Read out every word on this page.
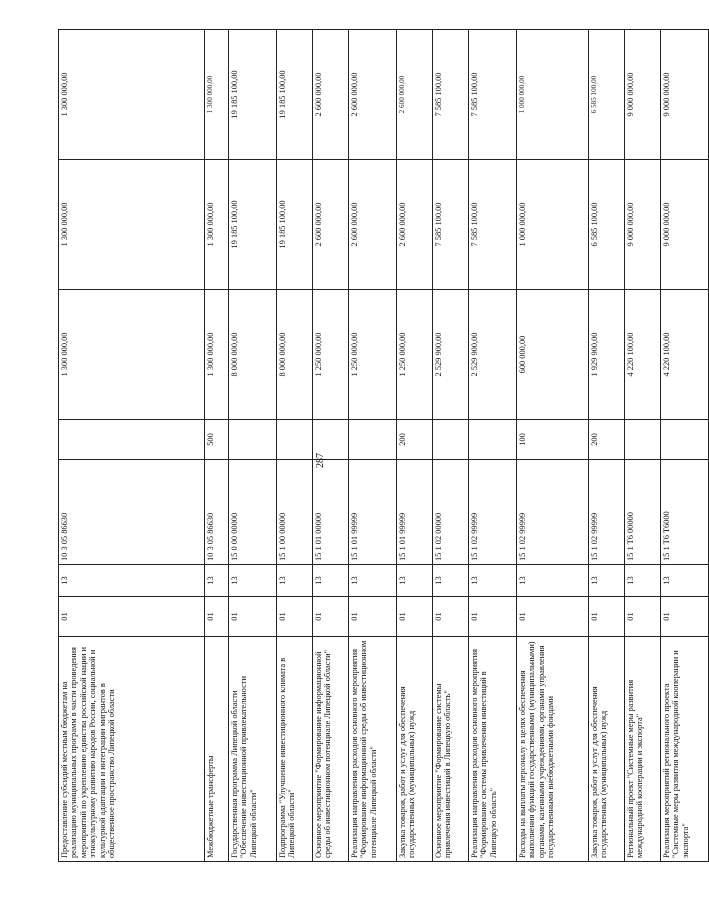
287
Предоставление субсидий местным бюджетам на реализацию муниципальных программ в части проведения мероприятий по укреплению единства российской нации и этнокультурному развитию народов России, социальной и культурной адаптации и интеграции мигрантов в общественное пространство Липецкой области	01	13	10 3 05 86630		1 300 000,00	1 300 000,00	1 300 000,00
Межбюджетные трансферты	01	13	10 3 05 86630	500	1 300 000,00	1 300 000,00	1 300 000,00
Государственная программа Липецкой области "Обеспечение инвестиционной привлекательности Липецкой области"	01	13	15 0 00 00000		8 000 000,00	19 185 100,00	19 185 100,00
Подпрограмма "Улучшение инвестиционного климата в Липецкой области"	01	13	15 1 00 00000		8 000 000,00	19 185 100,00	19 185 100,00
Основное мероприятие "Формирование информационной среды об инвестиционном потенциале Липецкой области"	01	13	15 1 01 00000		1 250 000,00	2 600 000,00	2 600 000,00
Реализация направления расходов основного мероприятия "Формирование информационной среды об инвестиционном потенциале Липецкой области"	01	13	15 1 01 99999		1 250 000,00	2 600 000,00	2 600 000,00
Закупка товаров, работ и услуг для обеспечения государственных (муниципальных) нужд	01	13	15 1 01 99999	200	1 250 000,00	2 600 000,00	2 600 000,00
Основное мероприятие "Формирование системы привлечения инвестиций в Липецкую область"	01	13	15 1 02 00000		2 529 900,00	7 585 100,00	7 585 100,00
Реализация направления расходов основного мероприятия "Формирование системы привлечения инвестиций в Липецкую область"	01	13	15 1 02 99999		2 529 900,00	7 585 100,00	7 585 100,00
Расходы на выплаты персоналу в целях обеспечения выполнения функций государственными (муниципальными) органами, казенными учреждениями, органами управления государственными внебюджетными фондами	01	13	15 1 02 99999	100	600 000,00	1 000 000,00	1 000 000,00
Закупка товаров, работ и услуг для обеспечения государственных (муниципальных) нужд	01	13	15 1 02 99999	200	1 929 900,00	6 585 100,00	6 585 100,00
Региональный проект "Системные меры развития международной кооперации и экспорта"	01	13	15 1 T6 00000		4 220 100,00	9 000 000,00	9 000 000,00
Реализация мероприятий регионального проекта "Системные меры развития международной кооперации и экспорта"	01	13	15 1 T6 T6000		4 220 100,00	9 000 000,00	9 000 000,00
